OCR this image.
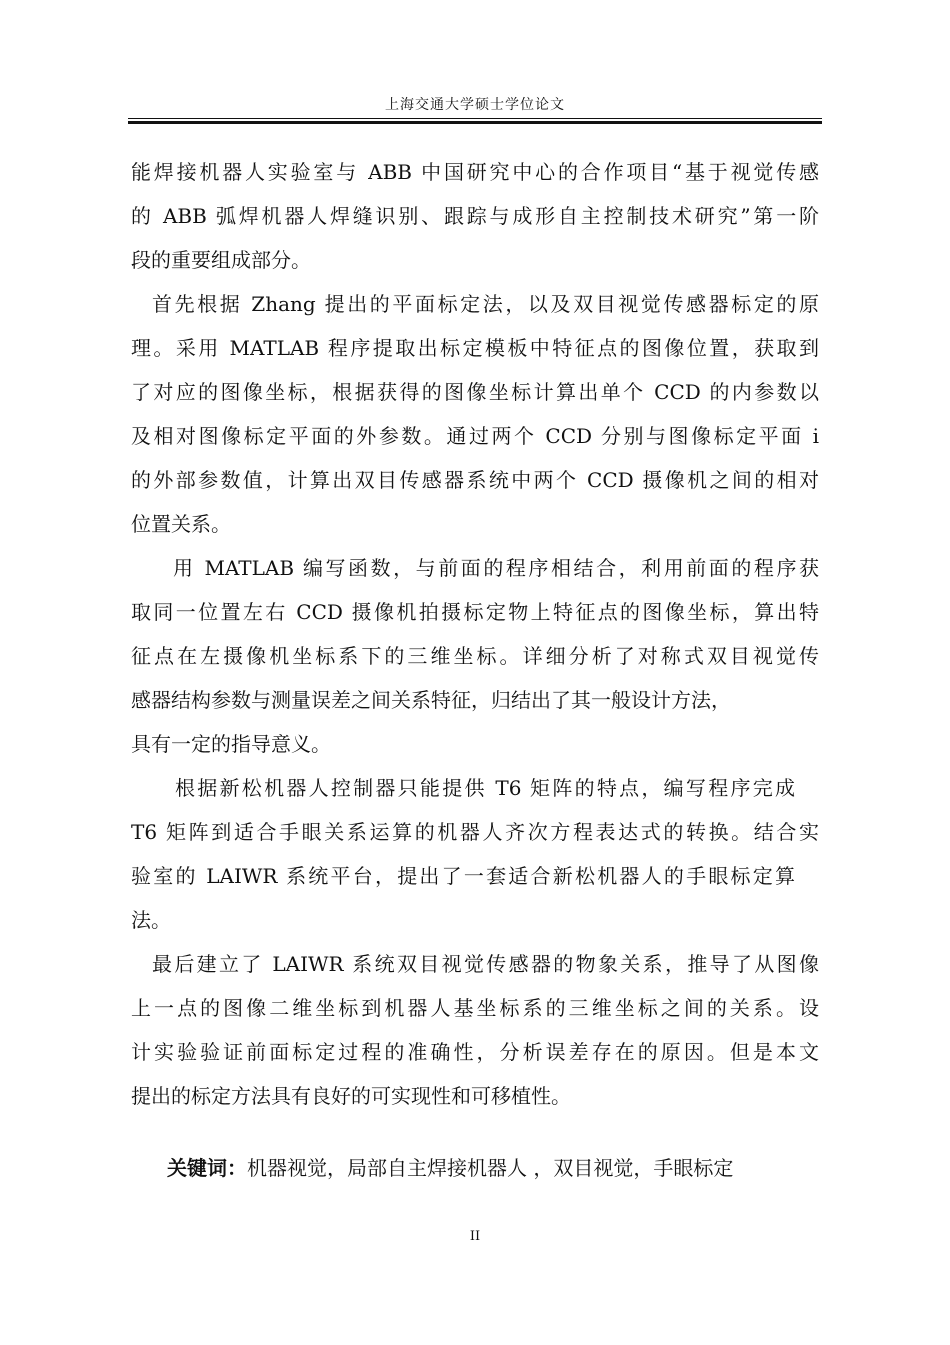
上海交通大学硕士学位论文
能焊接机器人实验室与 ABB 中国研究中心的合作项目“基于视觉传感
的 ABB 弧焊机器人焊缝识别、跟踪与成形自主控制技术研究”第一阶
段的重要组成部分。
首先根据 Zhang 提出的平面标定法，以及双目视觉传感器标定的原
理。采用 MATLAB 程序提取出标定模板中特征点的图像位置，获取到
了对应的图像坐标，根据获得的图像坐标计算出单个 CCD 的内参数以
及相对图像标定平面的外参数。通过两个 CCD 分别与图像标定平面 i
的外部参数值，计算出双目传感器系统中两个 CCD 摄像机之间的相对
位置关系。
用 MATLAB 编写函数，与前面的程序相结合，利用前面的程序获
取同一位置左右 CCD 摄像机拍摄标定物上特征点的图像坐标，算出特
征点在左摄像机坐标系下的三维坐标。详细分析了对称式双目视觉传
感器结构参数与测量误差之间关系特征，归结出了其一般设计方法，
具有一定的指导意义。
根据新松机器人控制器只能提供 T6 矩阵的特点，编写程序完成
T6 矩阵到适合手眼关系运算的机器人齐次方程表达式的转换。结合实
验室的 LAIWR 系统平台，提出了一套适合新松机器人的手眼标定算
法。
最后建立了 LAIWR 系统双目视觉传感器的物象关系，推导了从图像
上一点的图像二维坐标到机器人基坐标系的三维坐标之间的关系。设
计实验验证前面标定过程的准确性，分析误差存在的原因。但是本文
提出的标定方法具有良好的可实现性和可移植性。
关键词：机器视觉，局部自主焊接机器人 ，双目视觉，手眼标定
II
